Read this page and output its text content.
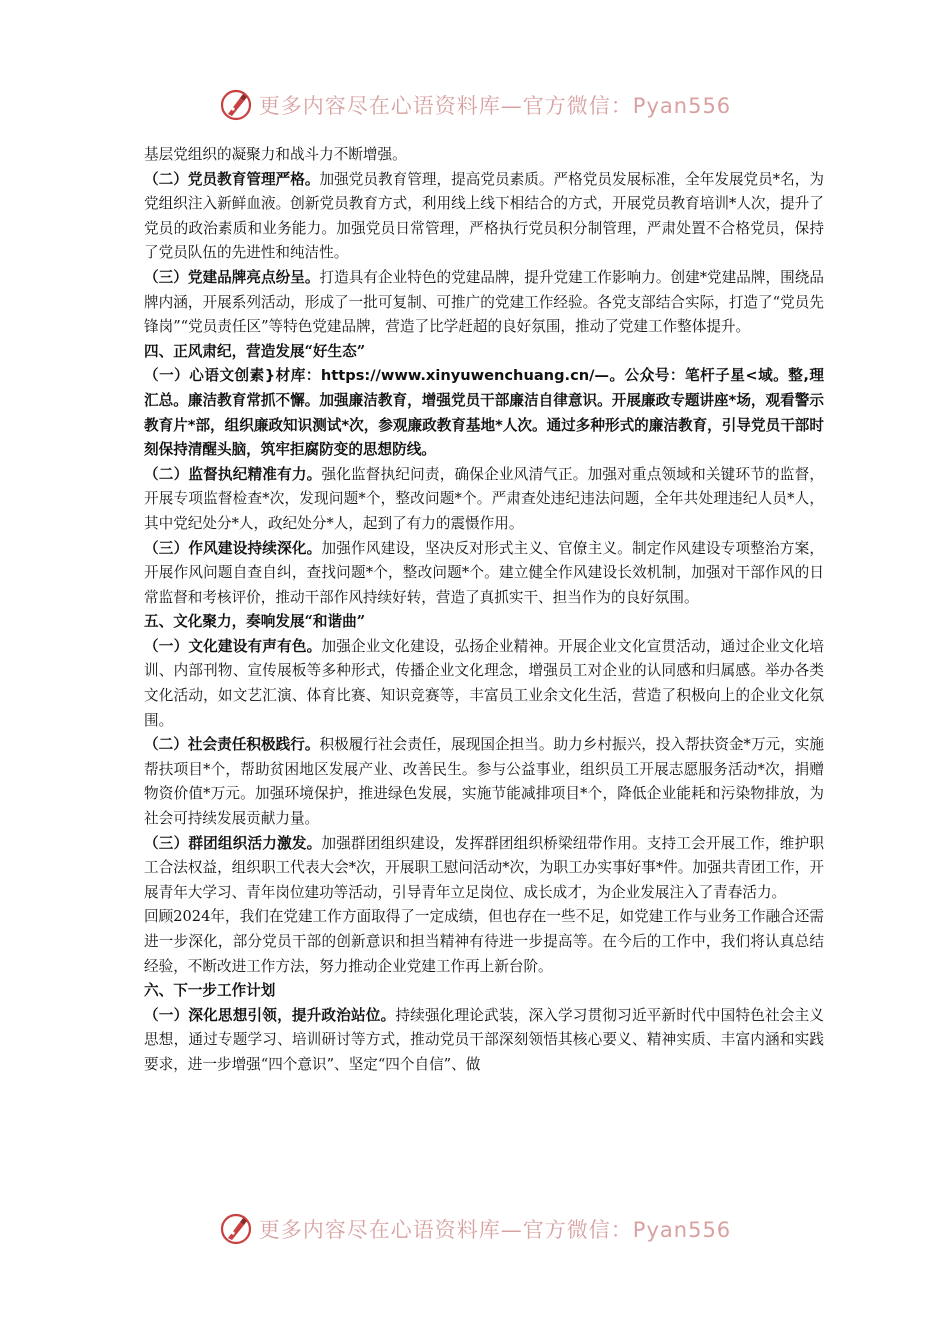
更多内容尽在心语资料库—官方微信：Pyan556

基层党组织的凝聚力和战斗力不断增强。

（二）党员教育管理严格。加强党员教育管理，提高党员素质。严格党员发展标准，全年发展党员*名，为党组织注入新鲜血液。创新党员教育方式，利用线上线下相结合的方式，开展党员教育培训*人次，提升了党员的政治素质和业务能力。加强党员日常管理，严格执行党员积分制管理，严肃处置不合格党员，保持了党员队伍的先进性和纯洁性。

（三）党建品牌亮点纷呈。打造具有企业特色的党建品牌，提升党建工作影响力。创建*党建品牌，围绕品牌内涵，开展系列活动，形成了一批可复制、可推广的党建工作经验。各党支部结合实际，打造了“党员先锋岗”“党员责任区”等特色党建品牌，营造了比学赶超的良好氛围，推动了党建工作整体提升。

四、正风肃纪，营造发展“好生态”

（一）心语文创素}材库：https://www.xinyuwenchuang.cn/—。公众号：笔杆子星<域。整,理汇总。廉洁教育常抓不懈。加强廉洁教育，增强党员干部廉洁自律意识。开展廉政专题讲座*场，观看警示教育片*部，组织廉政知识测试*次，参观廉政教育基地*人次。通过多种形式的廉洁教育，引导党员干部时刻保持清醒头脑，筑牢拒腐防变的思想防线。

（二）监督执纪精准有力。强化监督执纪问责，确保企业风清气正。加强对重点领域和关键环节的监督，开展专项监督检查*次，发现问题*个，整改问题*个。严肃查处违纪违法问题，全年共处理违纪人员*人，其中党纪处分*人，政纪处分*人，起到了有力的震慑作用。

（三）作风建设持续深化。加强作风建设，坚决反对形式主义、官僚主义。制定作风建设专项整治方案，开展作风问题自查自纠，查找问题*个，整改问题*个。建立健全作风建设长效机制，加强对干部作风的日常监督和考核评价，推动干部作风持续好转，营造了真抓实干、担当作为的良好氛围。

五、文化聚力，奏响发展“和谐曲”

（一）文化建设有声有色。加强企业文化建设，弘扬企业精神。开展企业文化宣贯活动，通过企业文化培训、内部刊物、宣传展板等多种形式，传播企业文化理念，增强员工对企业的认同感和归属感。举办各类文化活动，如文艺汇演、体育比赛、知识竞赛等，丰富员工业余文化生活，营造了积极向上的企业文化氛围。

（二）社会责任积极践行。积极履行社会责任，展现国企担当。助力乡村振兴，投入帮扶资金*万元，实施帮扶项目*个，帮助贫困地区发展产业、改善民生。参与公益事业，组织员工开展志愿服务活动*次，捐赠物资价值*万元。加强环境保护，推进绿色发展，实施节能减排项目*个，降低企业能耗和污染物排放，为社会可持续发展贡献力量。

（三）群团组织活力激发。加强群团组织建设，发挥群团组织桥梁纽带作用。支持工会开展工作，维护职工合法权益，组织职工代表大会*次，开展职工慰问活动*次，为职工办实事好事*件。加强共青团工作，开展青年大学习、青年岗位建功等活动，引导青年立足岗位、成长成才，为企业发展注入了青春活力。

回顾2024年，我们在党建工作方面取得了一定成绩，但也存在一些不足，如党建工作与业务工作融合还需进一步深化，部分党员干部的创新意识和担当精神有待进一步提高等。在今后的工作中，我们将认真总结经验，不断改进工作方法，努力推动企业党建工作再上新台阶。

六、下一步工作计划

（一）深化思想引领，提升政治站位。持续强化理论武装，深入学习贯彻习近平新时代中国特色社会主义思想，通过专题学习、培训研讨等方式，推动党员干部深刻领悟其核心要义、精神实质、丰富内涵和实践要求，进一步增强“四个意识”、坚定“四个自信”、做

更多内容尽在心语资料库—官方微信：Pyan556
